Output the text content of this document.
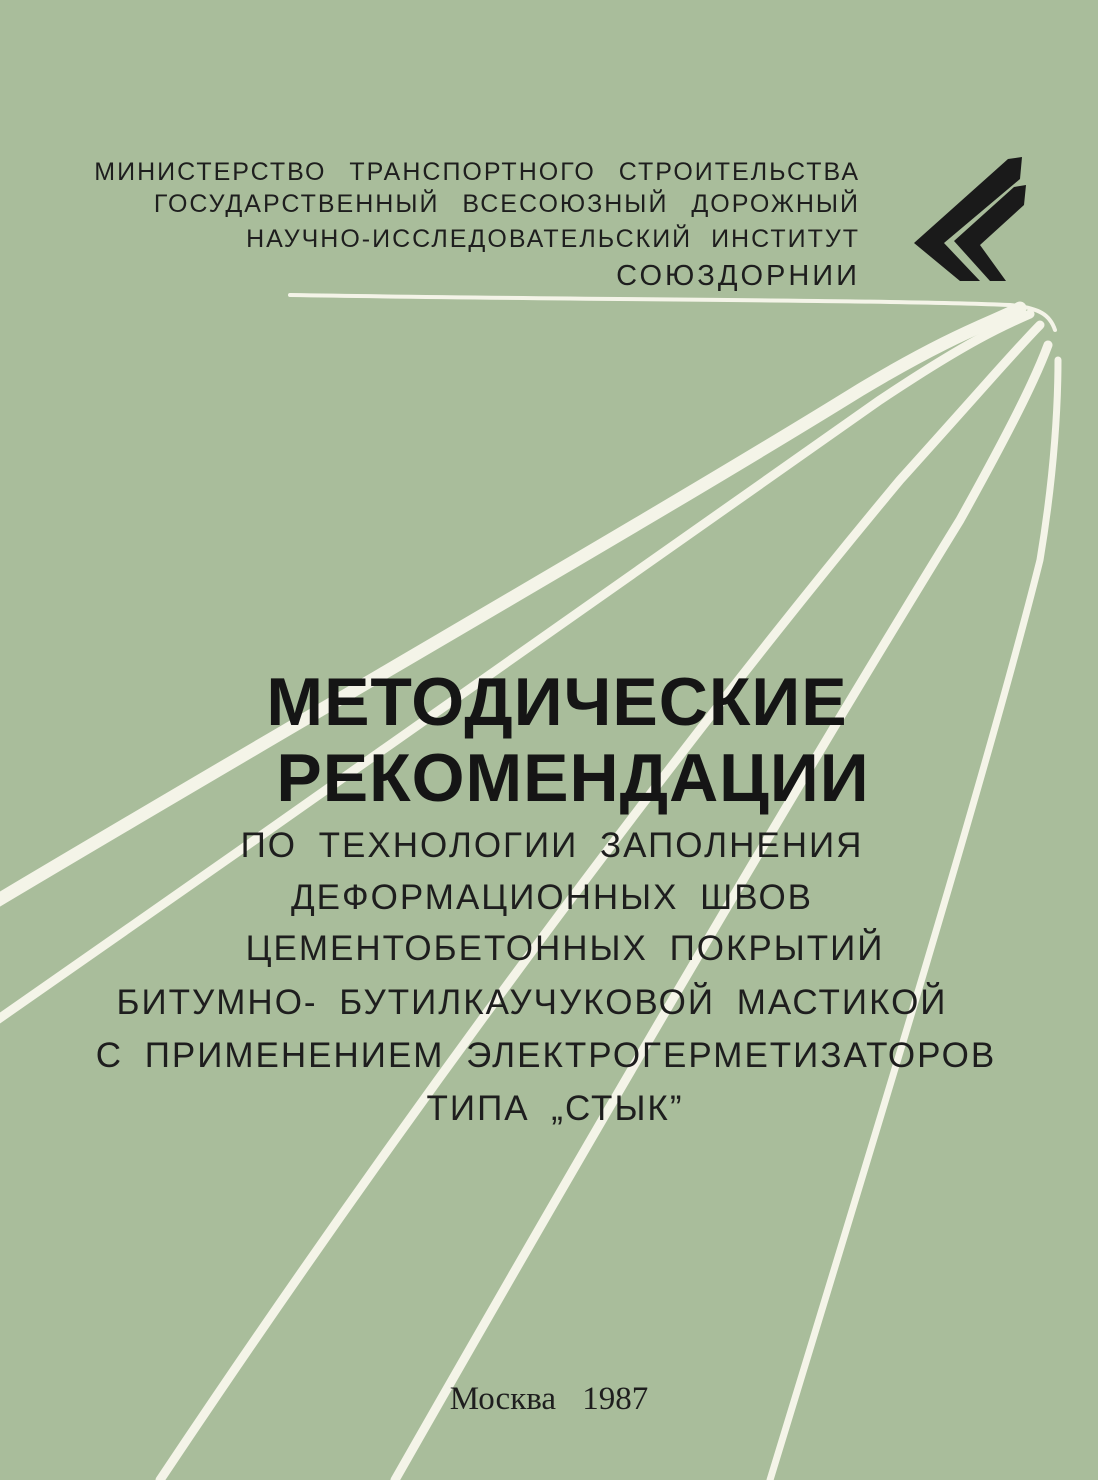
МИНИСТЕРСТВО ТРАНСПОРТНОГО СТРОИТЕЛЬСТВА
ГОСУДАРСТВЕННЫЙ ВСЕСОЮЗНЫЙ ДОРОЖНЫЙ
НАУЧНО-ИССЛЕДОВАТЕЛЬСКИЙ ИНСТИТУТ
СОЮЗДОРНИИ
МЕТОДИЧЕСКИЕ
РЕКОМЕНДАЦИИ
ПО ТЕХНОЛОГИИ ЗАПОЛНЕНИЯ
ДЕФОРМАЦИОННЫХ ШВОВ
ЦЕМЕНТОБЕТОННЫХ ПОКРЫТИЙ
БИТУМНО- БУТИЛКАУЧУКОВОЙ МАСТИКОЙ
С ПРИМЕНЕНИЕМ ЭЛЕКТРОГЕРМЕТИЗАТОРОВ
ТИПА „СТЫК”
Москва 1987
